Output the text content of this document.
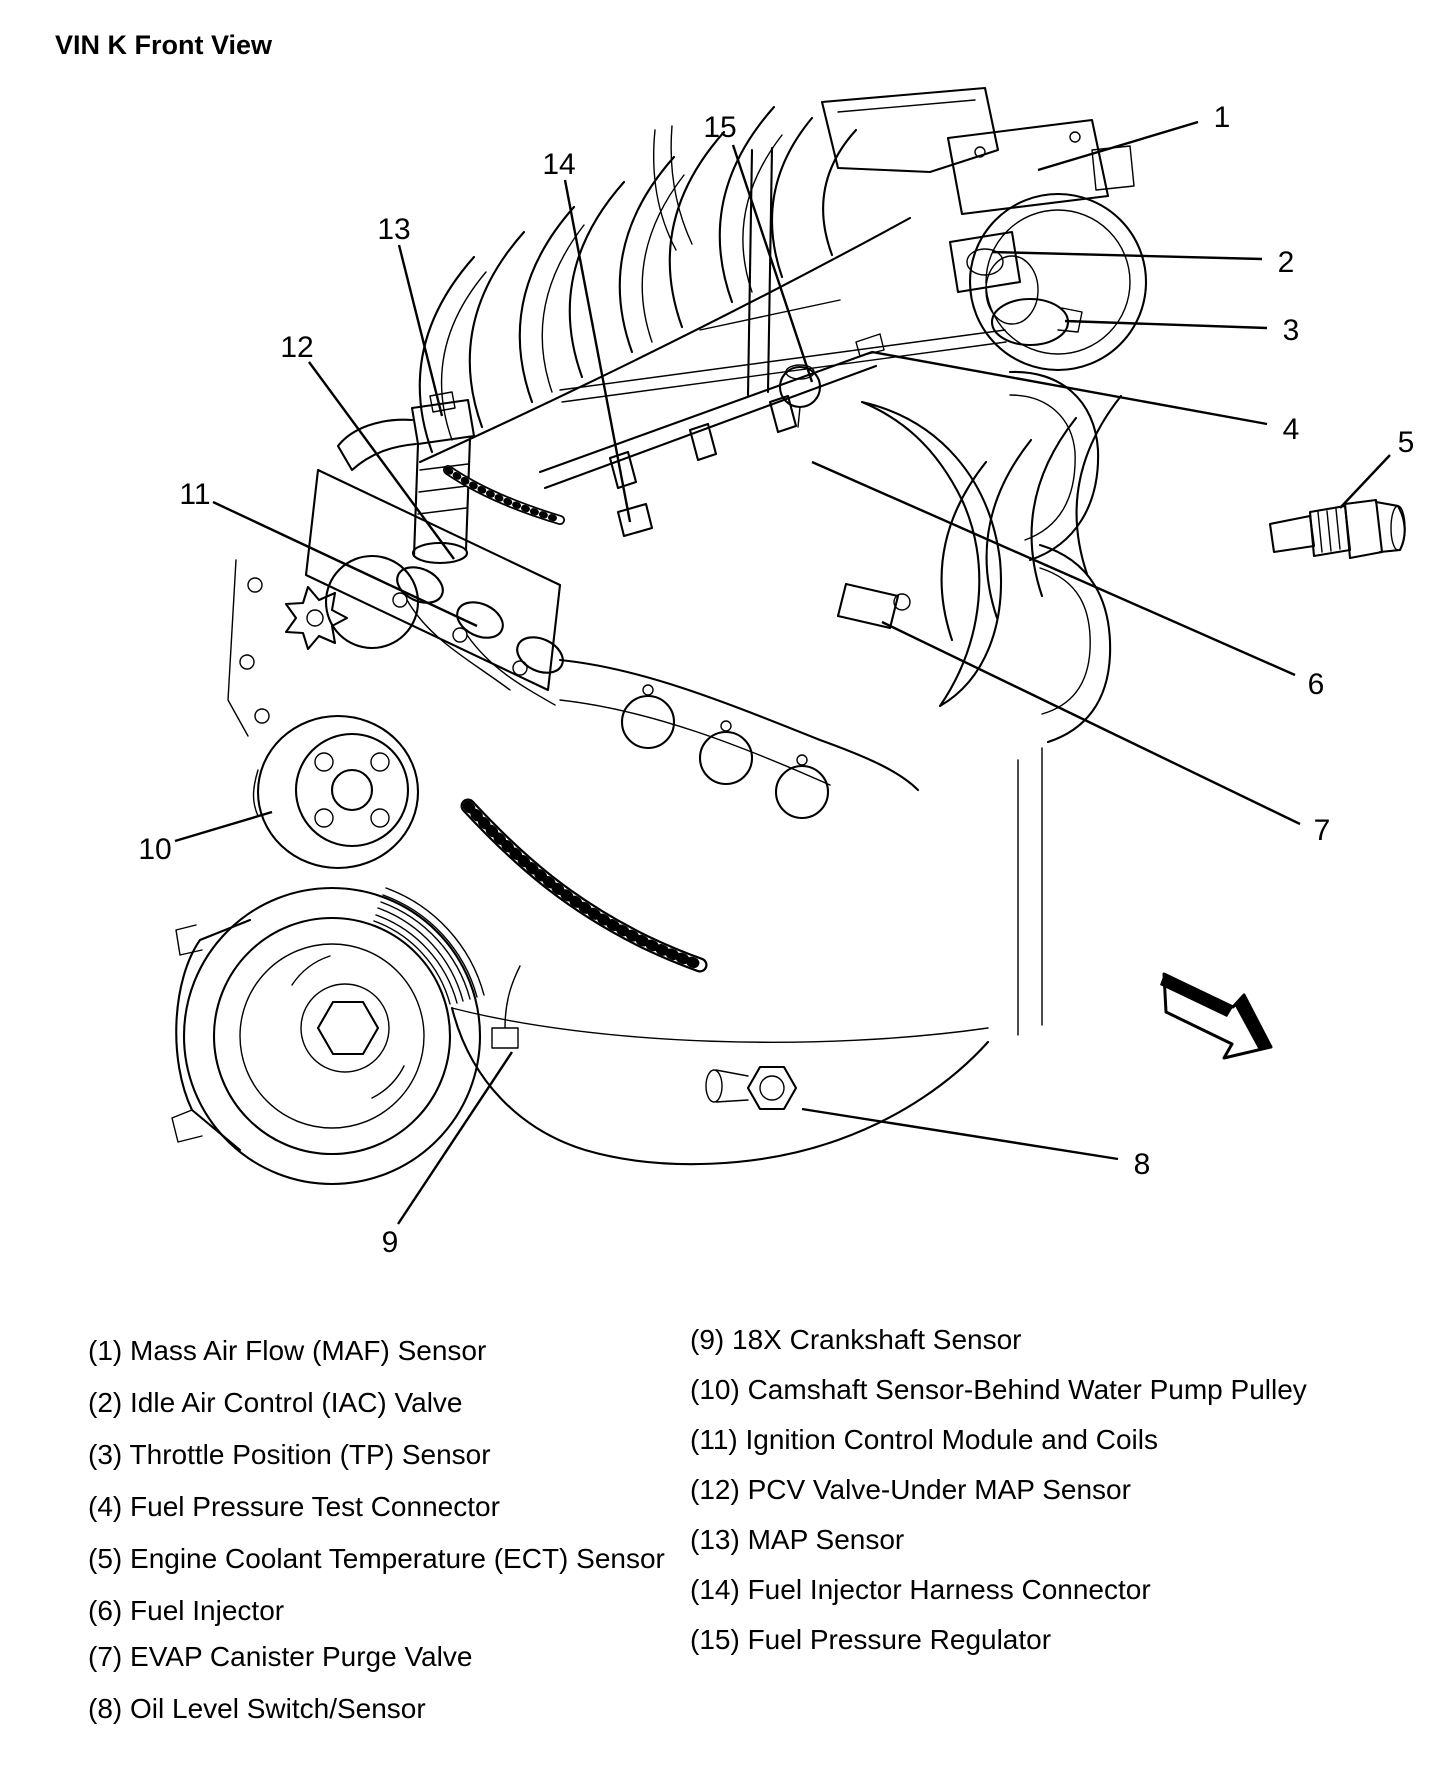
VIN K Front View
1
2
3
4	5
6
7
8
9
10
11
12
13
14
15
(1) Mass Air Flow (MAF) Sensor
(2) Idle Air Control (IAC) Valve
(3) Throttle Position (TP) Sensor
(4) Fuel Pressure Test Connector
(5) Engine Coolant Temperature (ECT) Sensor
(6) Fuel Injector
(7) EVAP Canister Purge Valve
(8) Oil Level Switch/Sensor
(9) 18X Crankshaft Sensor
(10) Camshaft Sensor-Behind Water Pump Pulley
(11) Ignition Control Module and Coils
(12) PCV Valve-Under MAP Sensor
(13) MAP Sensor
(14) Fuel Injector Harness Connector
(15) Fuel Pressure Regulator
